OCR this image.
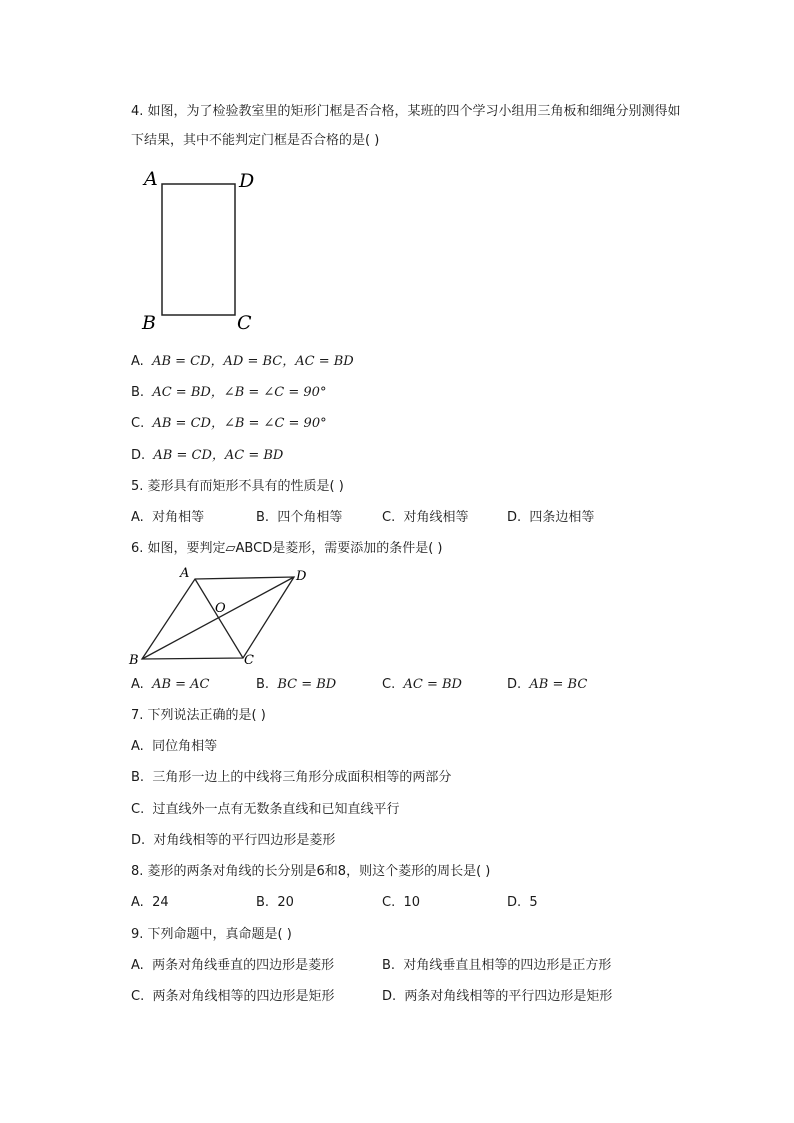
4. 如图，为了检验教室里的矩形门框是否合格，某班的四个学习小组用三角板和细绳分别测得如下结果，其中不能判定门框是否合格的是( )
A	D
B	C
A. AB = CD，AD = BC，AC = BD
B. AC = BD，∠B = ∠C = 90°
C. AB = CD，∠B = ∠C = 90°
D. AB = CD，AC = BD
5. 菱形具有而矩形不具有的性质是( )
A. 对角相等	B. 四个角相等	C. 对角线相等	D. 四条边相等
6. 如图，要判定▱ABCD是菱形，需要添加的条件是( )
A	D
O
B	C
A. AB = AC	B. BC = BD	C. AC = BD	D. AB = BC
7. 下列说法正确的是( )
A. 同位角相等
B. 三角形一边上的中线将三角形分成面积相等的两部分
C. 过直线外一点有无数条直线和已知直线平行
D. 对角线相等的平行四边形是菱形
8. 菱形的两条对角线的长分别是6和8，则这个菱形的周长是( )
A. 24	B. 20	C. 10	D. 5
9. 下列命题中，真命题是( )
A. 两条对角线垂直的四边形是菱形	B. 对角线垂直且相等的四边形是正方形
C. 两条对角线相等的四边形是矩形	D. 两条对角线相等的平行四边形是矩形
